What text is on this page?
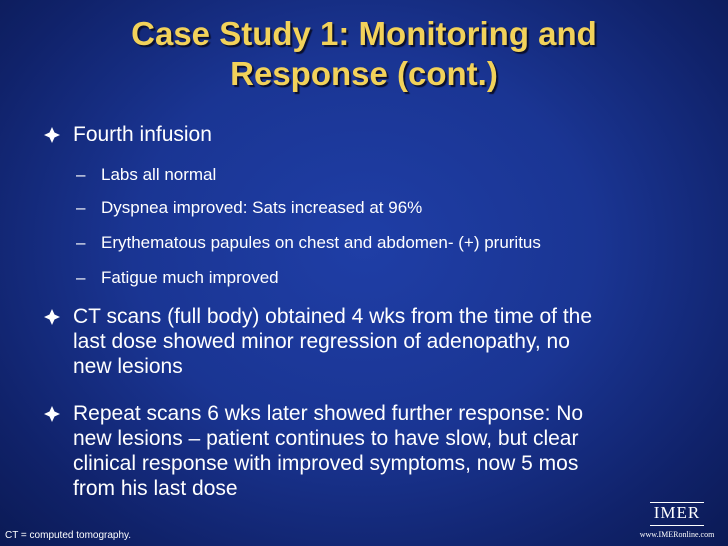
Case Study 1: Monitoring and
Response (cont.)
Fourth infusion
– Labs all normal
– Dyspnea improved: Sats increased at 96%
– Erythematous papules on chest and abdomen- (+) pruritus
– Fatigue much improved
CT scans (full body) obtained 4 wks from the time of the
last dose showed minor regression of adenopathy, no
new lesions
Repeat scans 6 wks later showed further response: No
new lesions – patient continues to have slow, but clear
clinical response with improved symptoms, now 5 mos
from his last dose
CT = computed tomography.
IMER
www.IMERonline.com
